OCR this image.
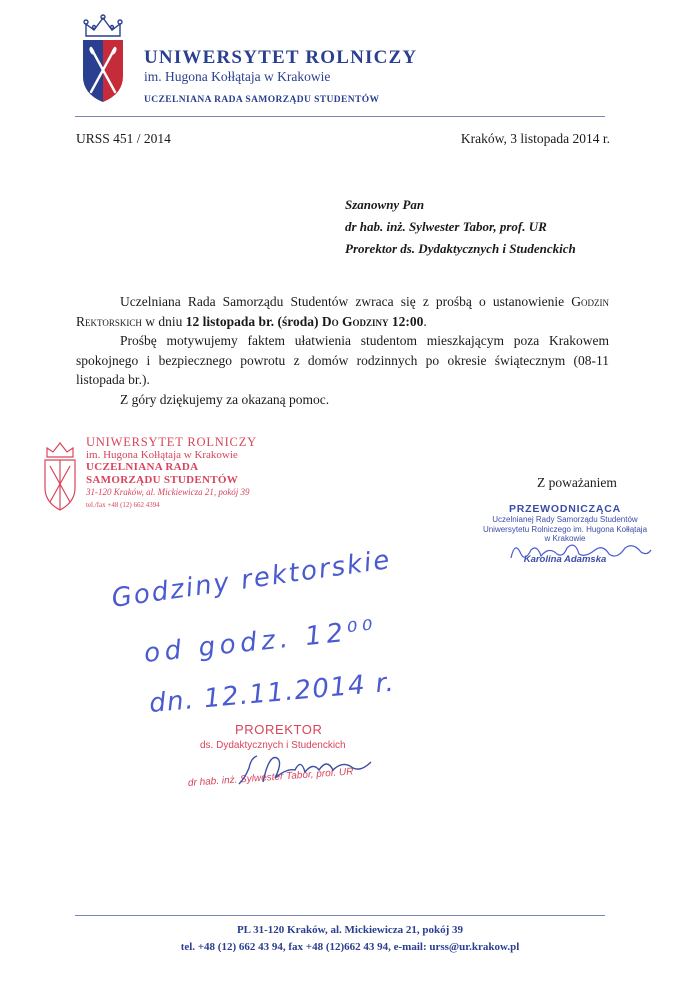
UNIWERSYTET ROLNICZY
im. Hugona Kołłątaja w Krakowie
UCZELNIANA RADA SAMORZĄDU STUDENTÓW
URSS 451 / 2014	Kraków, 3 listopada 2014 r.
Szanowny Pan
dr hab. inż. Sylwester Tabor, prof. UR
Prorektor ds. Dydaktycznych i Studenckich

Uczelniana Rada Samorządu Studentów zwraca się z prośbą o ustanowienie Godzin Rektorskich w dniu 12 listopada br. (środa) Do Godziny 12:00.

Prośbę motywujemy faktem ułatwienia studentom mieszkającym poza Krakowem spokojnego i bezpiecznego powrotu z domów rodzinnych po okresie świątecznym (08-11 listopada br.).

Z góry dziękujemy za okazaną pomoc.

Z poważaniem
UNIWERSYTET ROLNICZY
im. Hugona Kołłątaja w Krakowie
UCZELNIANA RADA
SAMORZĄDU STUDENTÓW
31-120 Kraków, al. Mickiewicza 21, pokój 39
tel./fax +48 (12) 662 4394	PRZEWODNICZĄCA
Uczelnianej Rady Samorządu Studentów
Uniwersytetu Rolniczego im. Hugona Kołłątaja
w Krakowie
Karolina Adamska
Godziny rektorskie
od godz. 12⁰⁰
dn. 12.11.2014 r.
PROREKTOR
ds. Dydaktycznych i Studenckich
dr hab. inż. Sylwester Tabor, prof. UR
PL 31-120 Kraków, al. Mickiewicza 21, pokój 39
tel. +48 (12) 662 43 94, fax +48 (12)662 43 94, e-mail: urss@ur.krakow.pl
